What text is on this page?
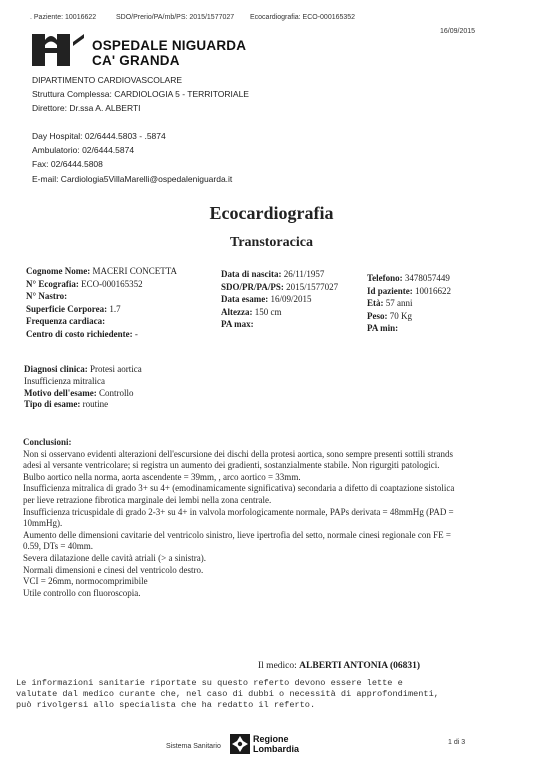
. Paziente: 10016622	SDO/Prerio/PA/mb/PS: 2015/1577027 Ecocardiografia: ECO-000165352
16/09/2015
OSPEDALE NIGUARDA
CA' GRANDA
DIPARTIMENTO CARDIOVASCOLARE
Struttura Complessa: CARDIOLOGIA 5 - TERRITORIALE
Direttore: Dr.ssa A. ALBERTI
Day Hospital: 02/6444.5803 - .5874
Ambulatorio: 02/6444.5874
Fax: 02/6444.5808
E-mail: Cardiologia5VillaMarelli@ospedaleniguarda.it
Ecocardiografia
Transtoracica
Cognome Nome: MACERI CONCETTA
N° Ecografia: ECO-000165352
N° Nastro:
Superficie Corporea: 1.7
Frequenza cardiaca:
Centro di costo richiedente: -
Data di nascita: 26/11/1957
SDO/PR/PA/PS: 2015/1577027
Data esame: 16/09/2015
Altezza: 150 cm
PA max:
Telefono: 3478057449
Id paziente: 10016622
Età: 57 anni
Peso: 70 Kg
PA min:
Diagnosi clinica: Protesi aortica
Insufficienza mitralica
Motivo dell'esame: Controllo
Tipo di esame: routine
Conclusioni:
Non si osservano evidenti alterazioni dell'escursione dei dischi della protesi aortica, sono sempre presenti sottili strands
adesi al versante ventricolare; si registra un aumento dei gradienti, sostanzialmente stabile. Non rigurgiti patologici.
Bulbo aortico nella norma, aorta ascendente = 39mm, , arco aortico = 33mm.
Insufficienza mitralica di grado 3+ su 4+ (emodinamicamente significativa) secondaria a difetto di coaptazione sistolica
per lieve retrazione fibrotica marginale dei lembi nella zona centrale.
Insufficienza tricuspidale di grado 2-3+ su 4+ in valvola morfologicamente normale, PAPs derivata = 48mmHg (PAD =
10mmHg).
Aumento delle dimensioni cavitarie del ventricolo sinistro, lieve ipertrofia del setto, normale cinesi regionale con FE =
0.59, DTs = 40mm.
Severa dilatazione delle cavità atriali (> a sinistra).
Normali dimensioni e cinesi del ventricolo destro.
VCI = 26mm, normocomprimibile
Utile controllo con fluoroscopia.
Il medico: ALBERTI ANTONIA (06831)
Le informazioni sanitarie riportate su questo referto devono essere lette e
valutate dal medico curante che, nel caso di dubbi o necessità di approfondimenti,
può rivolgersi allo specialista che ha redatto il referto.
Sistema Sanitario
Regione
Lombardia
1 di 3
